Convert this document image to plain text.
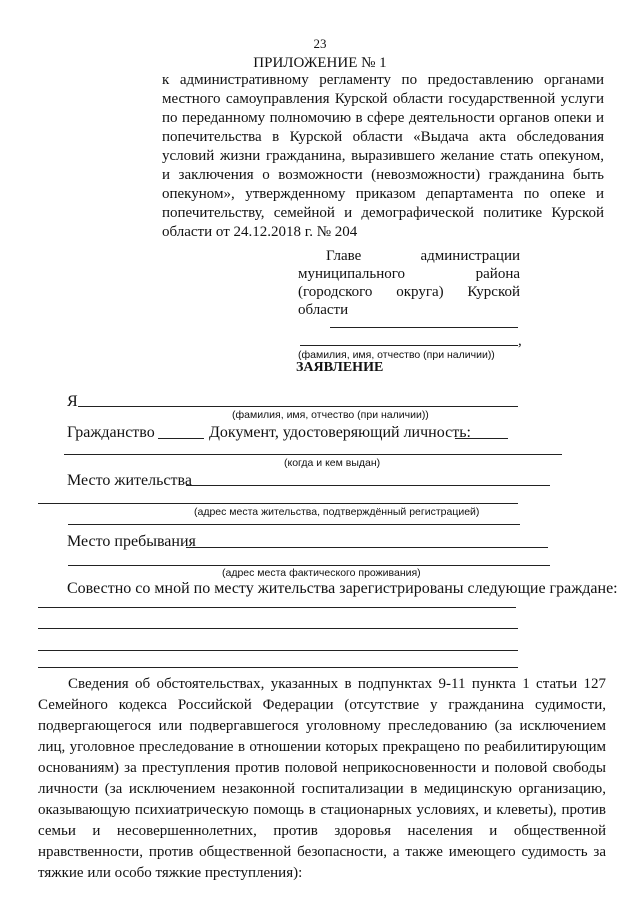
23
ПРИЛОЖЕНИЕ № 1
к административному регламенту по предоставлению органами
местного самоуправления Курской области государственной услуги
по переданному полномочию в сфере деятельности органов опеки и
попечительства в Курской области «Выдача акта обследования
условий жизни гражданина, выразившего желание стать опекуном,
и заключения о возможности (невозможности) гражданина быть
опекуном», утвержденному приказом департамента по опеке и
попечительству, семейной и демографической политике Курской
области от 24.12.2018 г. № 204
Главе администрации
муниципального района
(городского округа) Курской
области
,
(фамилия, имя, отчество (при наличии))
ЗАЯВЛЕНИЕ
Я
(фамилия, имя, отчество (при наличии))
Гражданство	Документ, удостоверяющий личность:
(когда и кем выдан)
Место жительства
(адрес места жительства, подтверждённый регистрацией)
Место пребывания
(адрес места фактического проживания)
Совестно со мной по месту жительства зарегистрированы следующие граждане:
Сведения об обстоятельствах, указанных в подпунктах 9-11 пункта 1 статьи 127
Семейного кодекса Российской Федерации (отсутствие у гражданина судимости,
подвергающегося или подвергавшегося уголовному преследованию (за исключением
лиц, уголовное преследование в отношении которых прекращено по реабилитирующим
основаниям) за преступления против половой неприкосновенности и половой свободы
личности (за исключением незаконной госпитализации в медицинскую организацию,
оказывающую психиатрическую помощь в стационарных условиях, и клеветы), против
семьи и несовершеннолетних, против здоровья населения и общественной
нравственности, против общественной безопасности, а также имеющего судимость за
тяжкие или особо тяжкие преступления):
